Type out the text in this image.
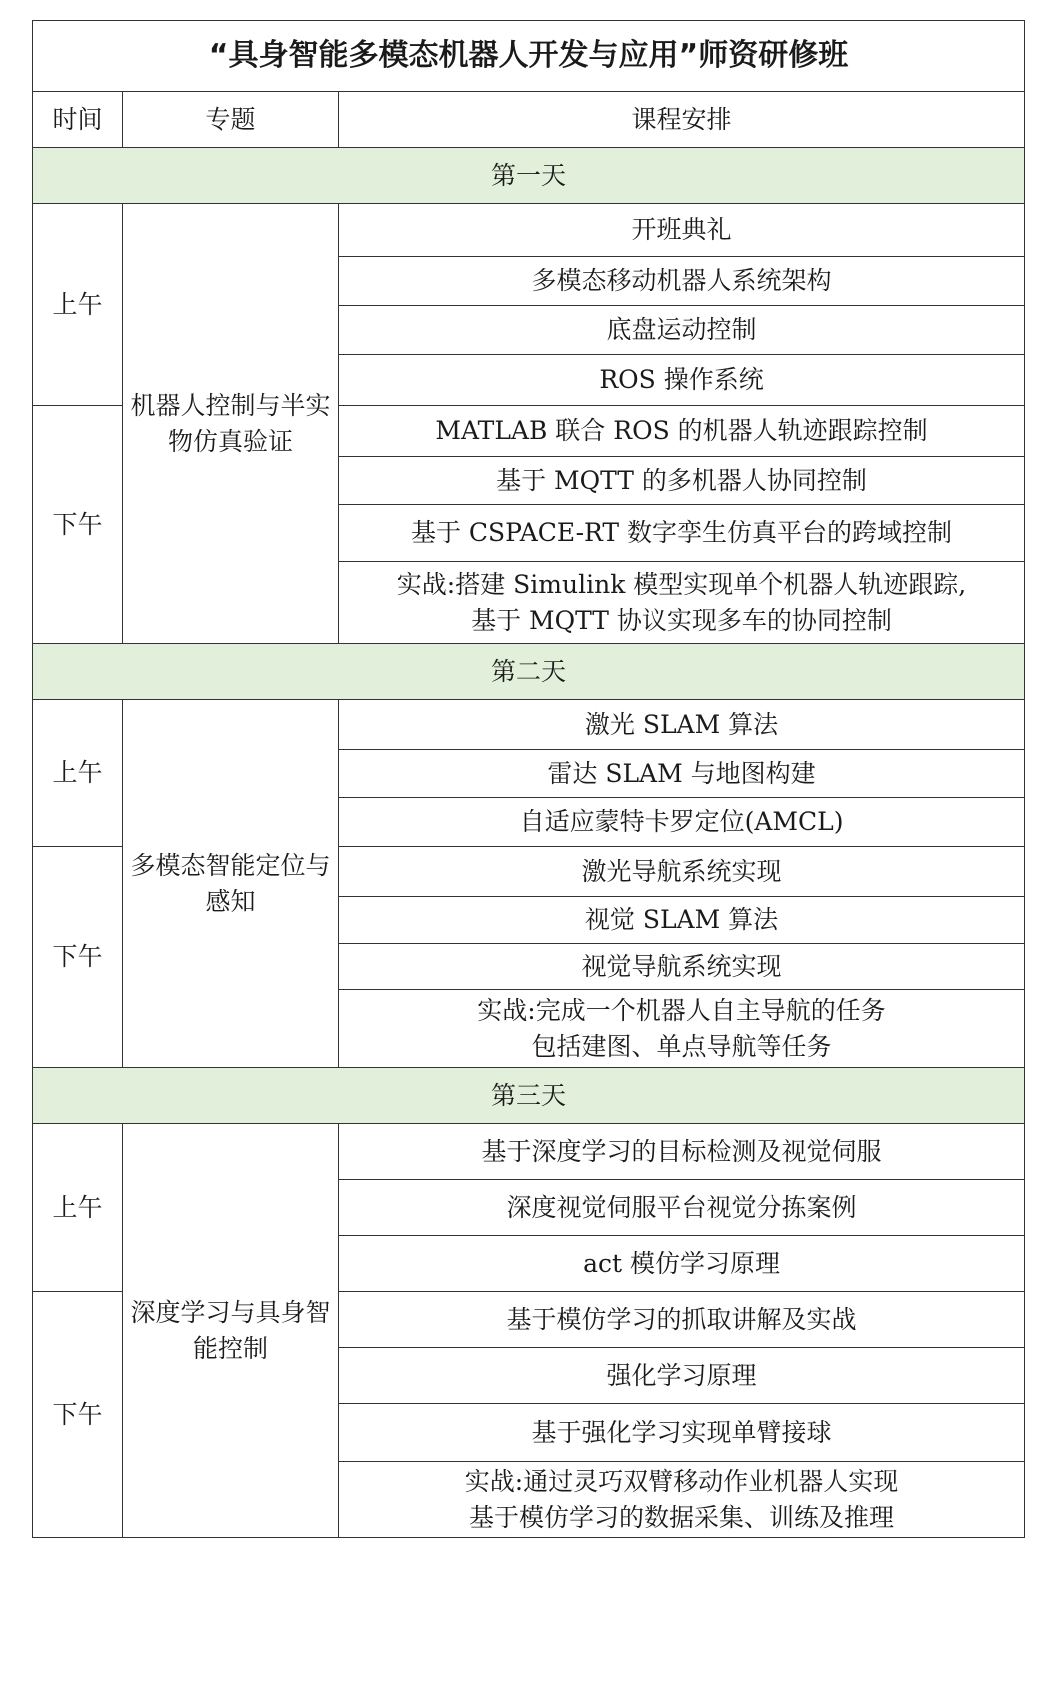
“具身智能多模态机器人开发与应用”师资研修班		
时间	专题	课程安排
第一天		
上午	机器人控制与半实物仿真验证	开班典礼
		多模态移动机器人系统架构
		底盘运动控制
		ROS 操作系统
下午		MATLAB 联合 ROS 的机器人轨迹跟踪控制
		基于 MQTT 的多机器人协同控制
		基于 CSPACE-RT 数字孪生仿真平台的跨域控制
		实战:搭建 Simulink 模型实现单个机器人轨迹跟踪,
基于 MQTT 协议实现多车的协同控制
第二天		
上午	多模态智能定位与感知	激光 SLAM 算法
		雷达 SLAM 与地图构建
		自适应蒙特卡罗定位(AMCL)
下午		激光导航系统实现
		视觉 SLAM 算法
		视觉导航系统实现
		实战:完成一个机器人自主导航的任务
包括建图、单点导航等任务
第三天		
上午	深度学习与具身智能控制	基于深度学习的目标检测及视觉伺服
		深度视觉伺服平台视觉分拣案例
		act 模仿学习原理
下午		基于模仿学习的抓取讲解及实战
		强化学习原理
		基于强化学习实现单臂接球
		实战:通过灵巧双臂移动作业机器人实现
基于模仿学习的数据采集、训练及推理
